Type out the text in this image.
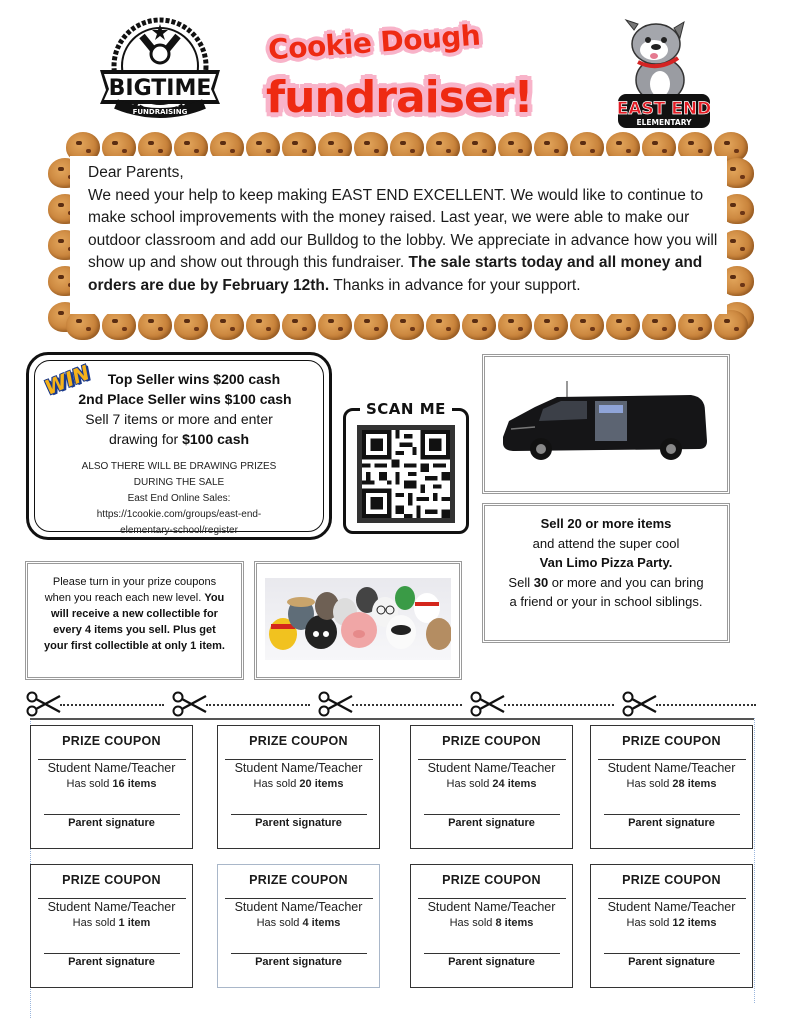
BIGTIME
FUNDRAISING
Cookie Dough
fundraiser!	EAST END
ELEMENTARY
Dear Parents,
We need your help to keep making EAST END EXCELLENT. We would like to continue to make school improvements with the money raised. Last year, we were able to make our outdoor classroom and add our Bulldog to the lobby. We appreciate in advance how you will show up and show out through this fundraiser. The sale starts today and all money and orders are due by February 12th. Thanks in advance for your support.
Top Seller wins $200 cash
2nd Place Seller wins $100 cash
Sell 7 items or more and enter
drawing for $100 cash
ALSO THERE WILL BE DRAWING PRIZES
DURING THE SALE
East End Online Sales:
https://1cookie.com/groups/east-end-
elementary-school/register
WIN
SCAN ME
Sell 20 or more items
and attend the super cool
Van Limo Pizza Party.
Sell 30 or more and you can bring
a friend or your in school siblings.
Please turn in your prize coupons
when you reach each new level. You
will receive a new collectible for
every 4 items you sell. Plus get
your first collectible at only 1 item.
PRIZE COUPON
Student Name/Teacher
Has sold 16 items
Parent signature
PRIZE COUPON
Student Name/Teacher
Has sold 20 items
Parent signature
PRIZE COUPON
Student Name/Teacher
Has sold 24 items
Parent signature
PRIZE COUPON
Student Name/Teacher
Has sold 28 items
Parent signature
PRIZE COUPON
Student Name/Teacher
Has sold 1 item
Parent signature
PRIZE COUPON
Student Name/Teacher
Has sold 4 items
Parent signature
PRIZE COUPON
Student Name/Teacher
Has sold 8 items
Parent signature
PRIZE COUPON
Student Name/Teacher
Has sold 12 items
Parent signature
